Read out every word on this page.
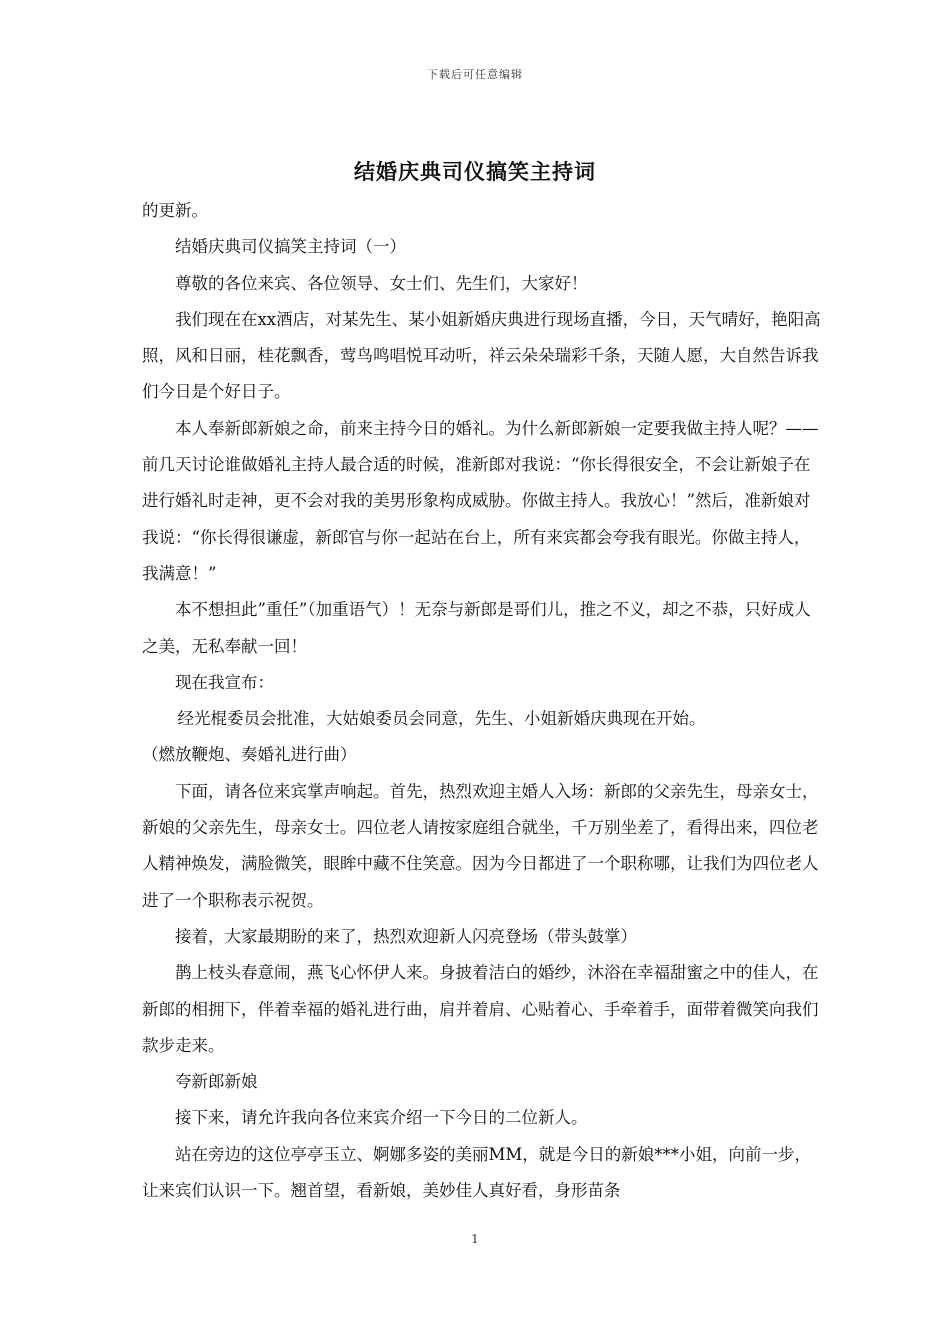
下载后可任意编辑
结婚庆典司仪搞笑主持词

的更新。

结婚庆典司仪搞笑主持词（一）

尊敬的各位来宾、各位领导、女士们、先生们，大家好！

我们现在在xx酒店，对某先生、某小姐新婚庆典进行现场直播，今日，天气晴好，艳阳高照，风和日丽，桂花飘香，莺鸟鸣唱悦耳动听，祥云朵朵瑞彩千条，天随人愿，大自然告诉我们今日是个好日子。

本人奉新郎新娘之命，前来主持今日的婚礼。为什么新郎新娘一定要我做主持人呢？——前几天讨论谁做婚礼主持人最合适的时候，准新郎对我说：“你长得很安全，不会让新娘子在进行婚礼时走神，更不会对我的美男形象构成威胁。你做主持人。我放心！”然后，准新娘对我说：“你长得很谦虚，新郎官与你一起站在台上，所有来宾都会夸我有眼光。你做主持人，我满意！”

本不想担此”重任”（加重语气）！无奈与新郎是哥们儿，推之不义，却之不恭，只好成人之美，无私奉献一回！

现在我宣布：

经光棍委员会批准，大姑娘委员会同意，先生、小姐新婚庆典现在开始。

（燃放鞭炮、奏婚礼进行曲）

下面，请各位来宾掌声响起。首先，热烈欢迎主婚人入场：新郎的父亲先生，母亲女士，新娘的父亲先生，母亲女士。四位老人请按家庭组合就坐，千万别坐差了，看得出来，四位老人精神焕发，满脸微笑，眼眸中藏不住笑意。因为今日都进了一个职称哪，让我们为四位老人进了一个职称表示祝贺。

接着，大家最期盼的来了，热烈欢迎新人闪亮登场（带头鼓掌）

鹊上枝头春意闹，燕飞心怀伊人来。身披着洁白的婚纱，沐浴在幸福甜蜜之中的佳人，在新郎的相拥下，伴着幸福的婚礼进行曲，肩并着肩、心贴着心、手牵着手，面带着微笑向我们款步走来。

夸新郎新娘

接下来，请允许我向各位来宾介绍一下今日的二位新人。

站在旁边的这位亭亭玉立、婀娜多姿的美丽MM，就是今日的新娘***小姐，向前一步，让来宾们认识一下。翘首望，看新娘，美妙佳人真好看，身形苗条

1
